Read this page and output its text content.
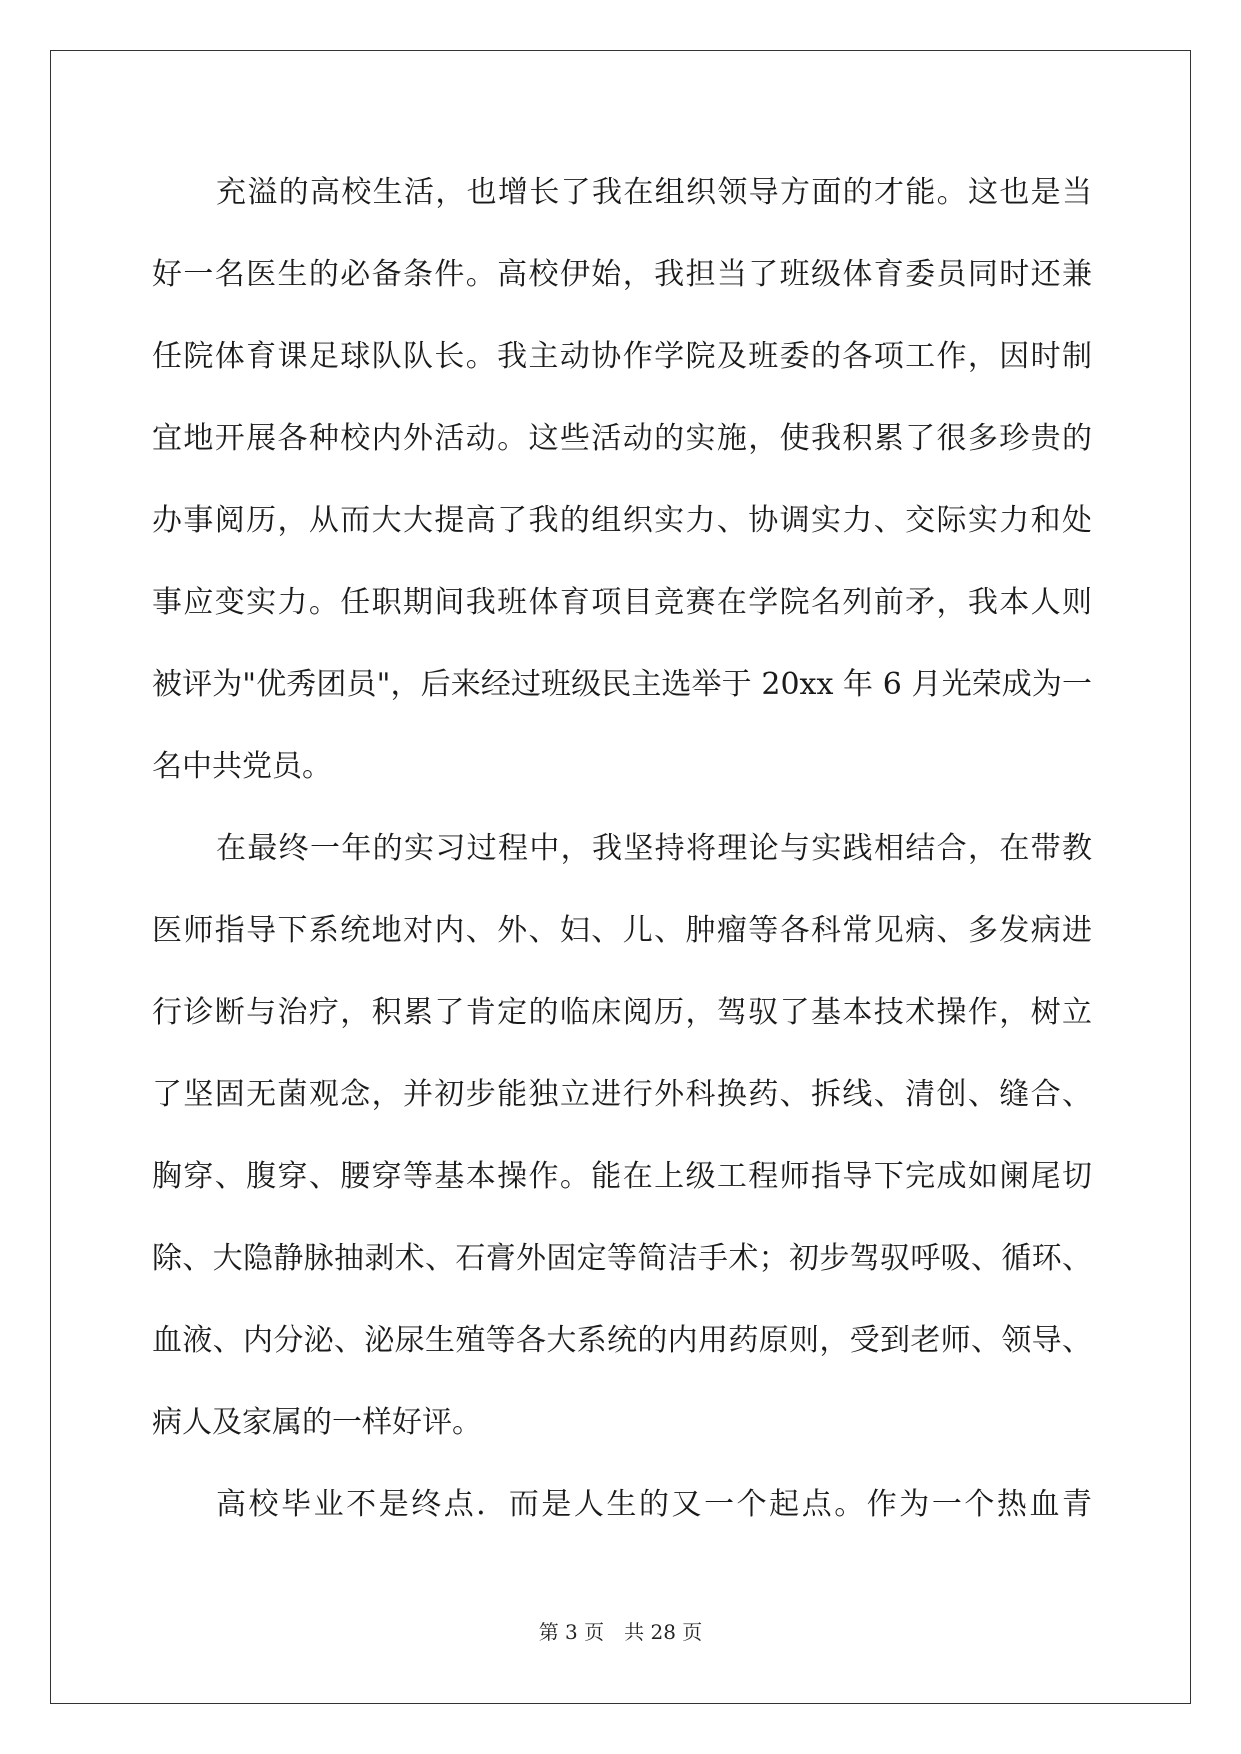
充溢的高校生活，也增长了我在组织领导方面的才能。这也是当
好一名医生的必备条件。高校伊始，我担当了班级体育委员同时还兼
任院体育课足球队队长。我主动协作学院及班委的各项工作，因时制
宜地开展各种校内外活动。这些活动的实施，使我积累了很多珍贵的
办事阅历，从而大大提高了我的组织实力、协调实力、交际实力和处
事应变实力。任职期间我班体育项目竞赛在学院名列前矛，我本人则
被评为"优秀团员"，后来经过班级民主选举于 20xx 年 6 月光荣成为一
名中共党员。
在最终一年的实习过程中，我坚持将理论与实践相结合，在带教
医师指导下系统地对内、外、妇、儿、肿瘤等各科常见病、多发病进
行诊断与治疗，积累了肯定的临床阅历，驾驭了基本技术操作，树立
了坚固无菌观念，并初步能独立进行外科换药、拆线、清创、缝合、
胸穿、腹穿、腰穿等基本操作。能在上级工程师指导下完成如阑尾切
除、大隐静脉抽剥术、石膏外固定等简洁手术；初步驾驭呼吸、循环、
血液、内分泌、泌尿生殖等各大系统的内用药原则，受到老师、领导、
病人及家属的一样好评。
高校毕业不是终点．而是人生的又一个起点。作为一个热血青
第 3 页 共 28 页
